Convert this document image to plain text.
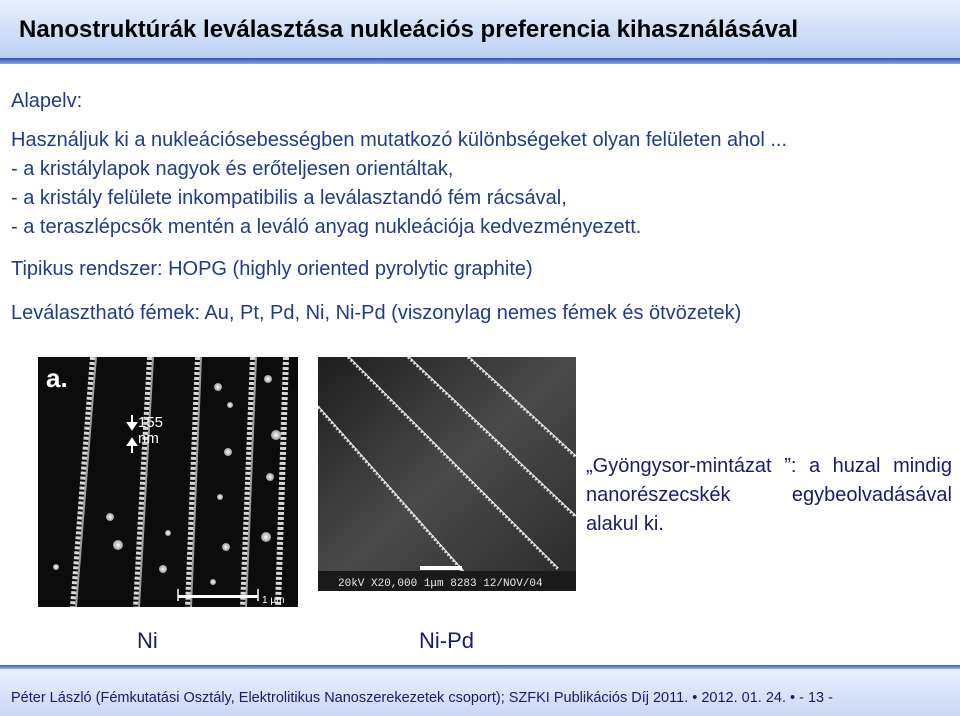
Nanostruktúrák leválasztása nukleációs preferencia kihasználásával
Alapelv:
Használjuk ki a nukleációsebességben mutatkozó különbségeket olyan felületen ahol ...
- a kristálylapok nagyok és erőteljesen orientáltak,
- a kristály felülete inkompatibilis a leválasztandó fém rácsával,
- a teraszlépcsők mentén a leváló anyag nukleációja kedvezményezett.
Tipikus rendszer: HOPG (highly oriented pyrolytic graphite)
Leválasztható fémek: Au, Pt, Pd, Ni, Ni-Pd (viszonylag nemes fémek és ötvözetek)
a.
155
nm
1 μm
20kV X20,000 1μm 8283 12/NOV/04
„Gyöngysor-mintázat ”: a huzal mindig nanorészecskék egybeolvadásával alakul ki.
Ni	Ni-Pd
Péter László (Fémkutatási Osztály, Elektrolitikus Nanoszerekezetek csoport); SZFKI Publikációs Díj 2011. • 2012. 01. 24. • - 13 -
